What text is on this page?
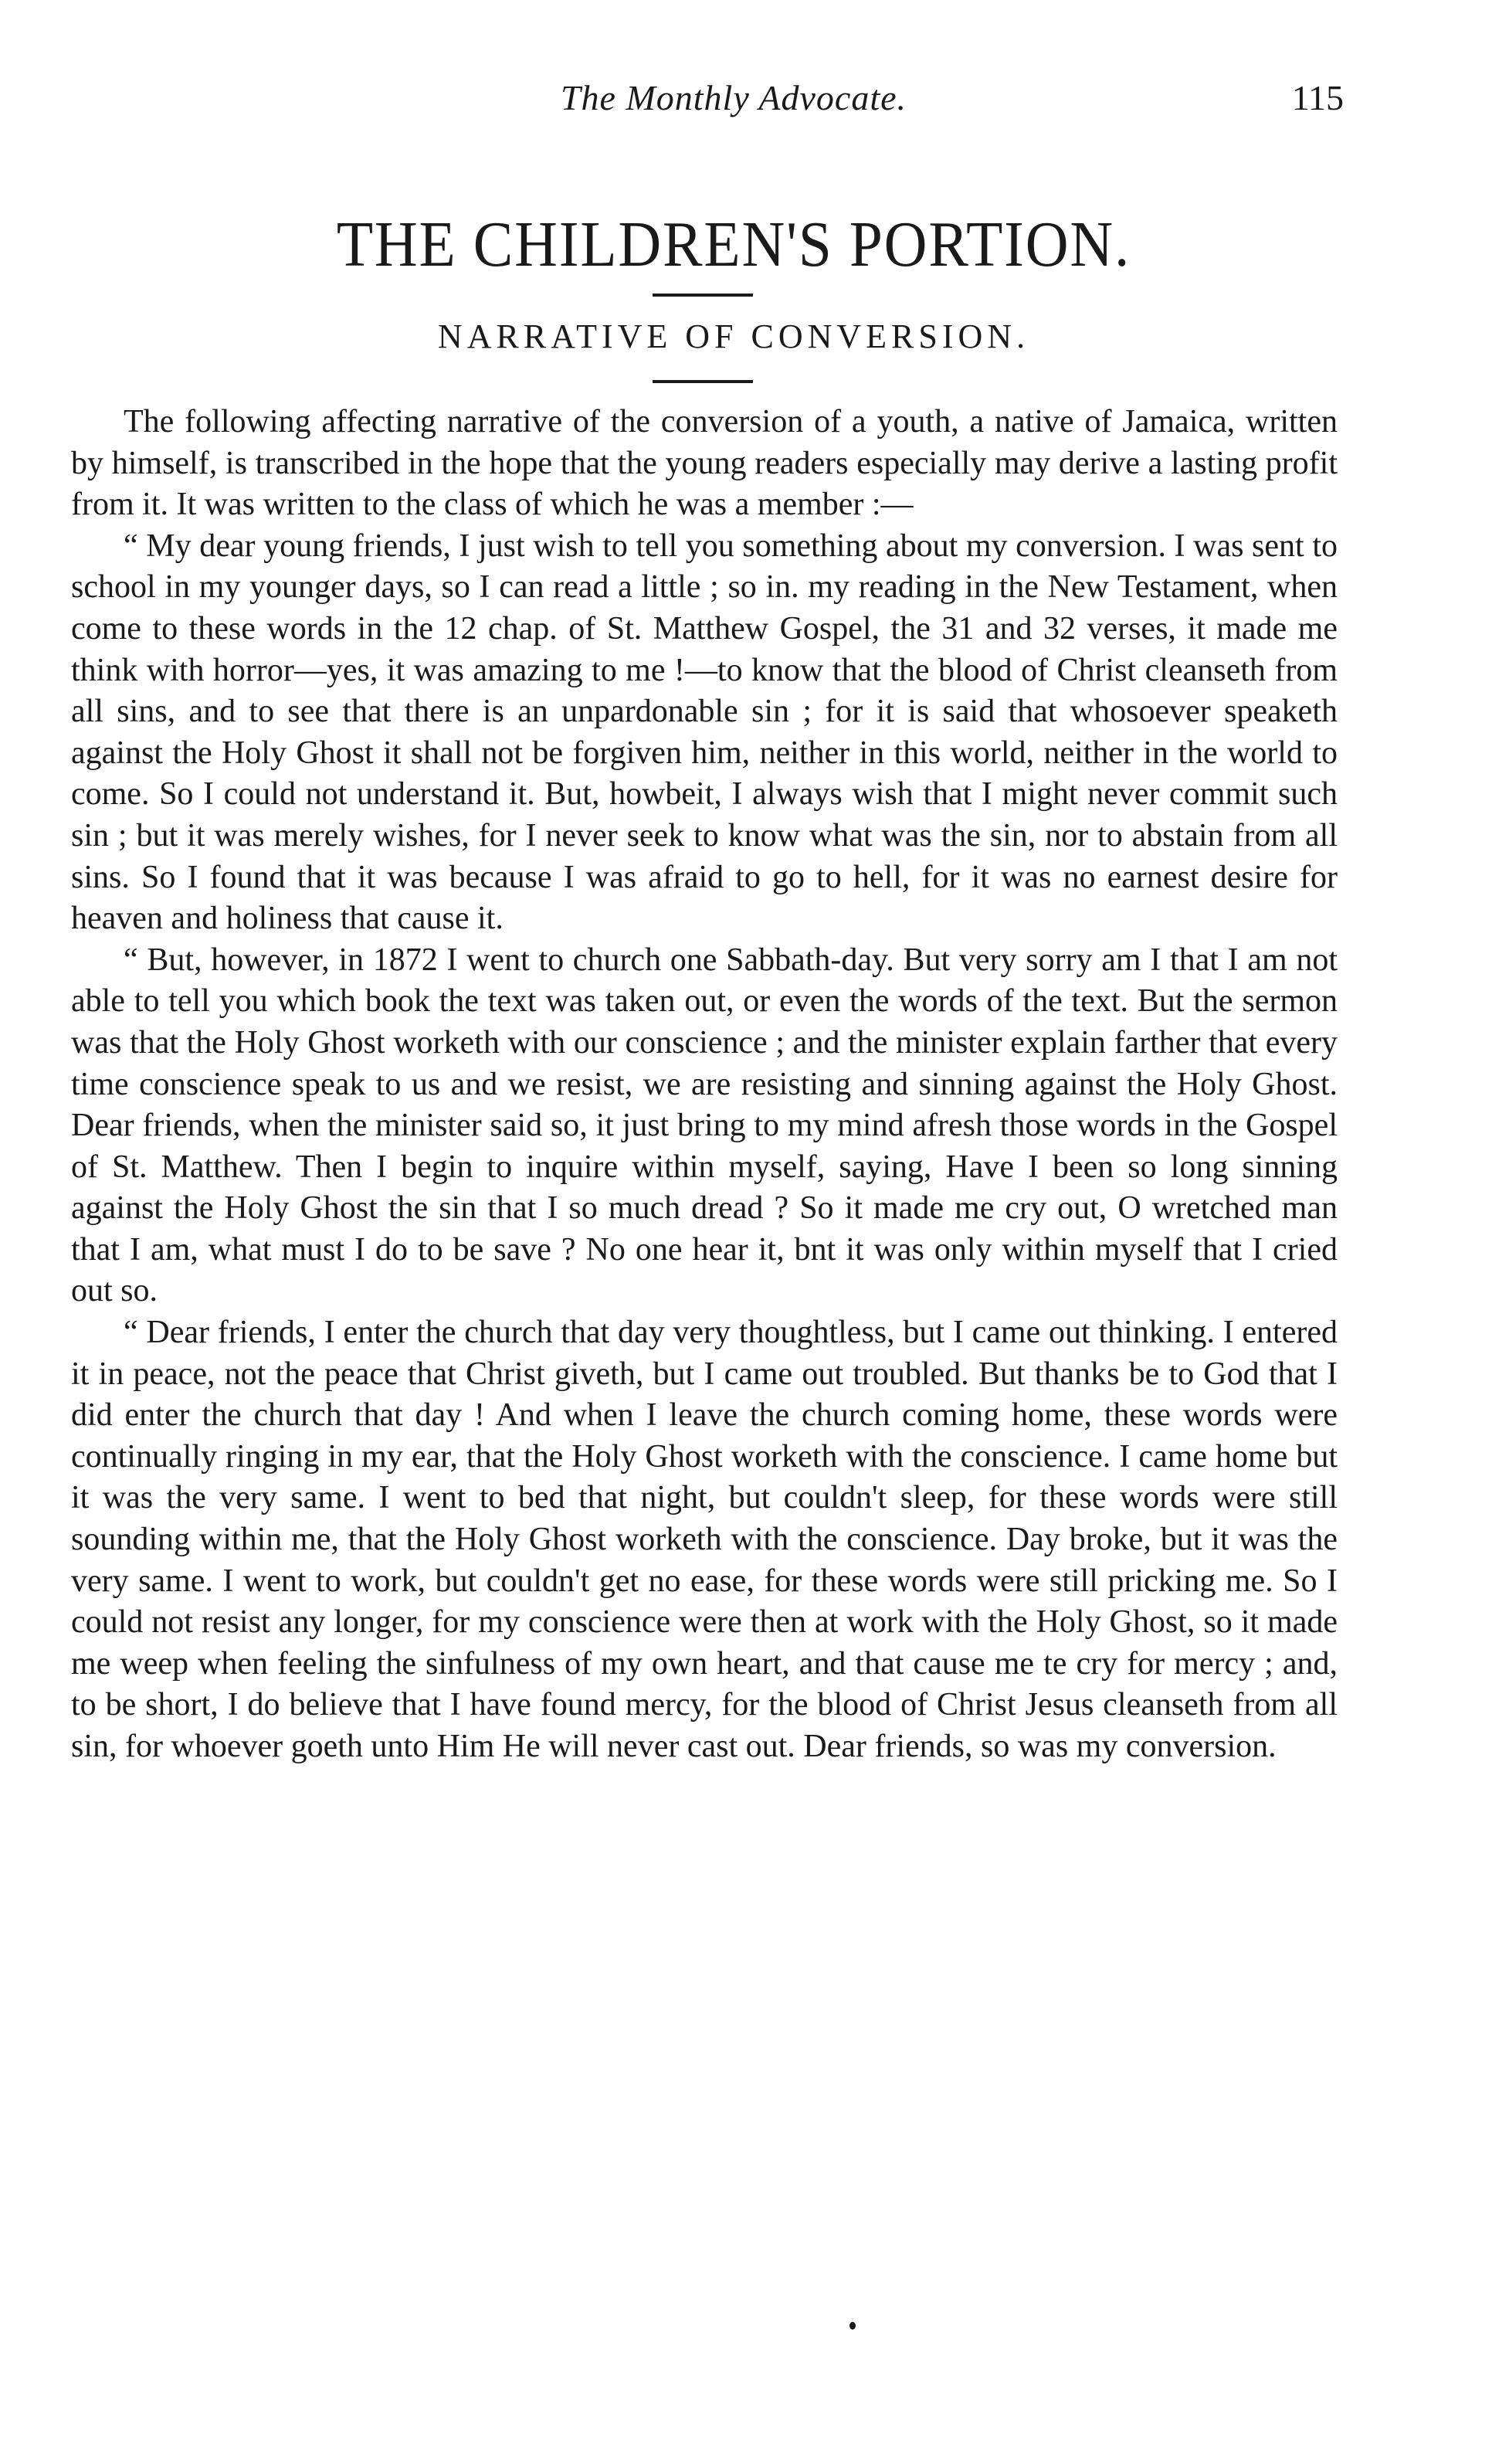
The Monthly Advocate.	115
THE CHILDREN'S PORTION.
NARRATIVE OF CONVERSION.

The following affecting narrative of the conversion of a youth, a native of Jamaica, written by himself, is transcribed in the hope that the young readers especially may derive a lasting profit from it. It was written to the class of which he was a member :—

“ My dear young friends, I just wish to tell you something about my conversion. I was sent to school in my younger days, so I can read a little ; so in. my reading in the New Testament, when come to these words in the 12 chap. of St. Matthew Gospel, the 31 and 32 verses, it made me think with horror—yes, it was amazing to me !—to know that the blood of Christ cleanseth from all sins, and to see that there is an unpardonable sin ; for it is said that whosoever speaketh against the Holy Ghost it shall not be forgiven him, neither in this world, neither in the world to come. So I could not understand it. But, howbeit, I always wish that I might never commit such sin ; but it was merely wishes, for I never seek to know what was the sin, nor to abstain from all sins. So I found that it was because I was afraid to go to hell, for it was no earnest desire for heaven and holiness that cause it.

“ But, however, in 1872 I went to church one Sabbath-day. But very sorry am I that I am not able to tell you which book the text was taken out, or even the words of the text. But the sermon was that the Holy Ghost worketh with our conscience ; and the minister explain farther that every time conscience speak to us and we resist, we are resisting and sinning against the Holy Ghost. Dear friends, when the minister said so, it just bring to my mind afresh those words in the Gospel of St. Matthew. Then I begin to inquire within myself, saying, Have I been so long sinning against the Holy Ghost the sin that I so much dread ? So it made me cry out, O wretched man that I am, what must I do to be save ? No one hear it, bnt it was only within myself that I cried out so.

“ Dear friends, I enter the church that day very thoughtless, but I came out thinking. I entered it in peace, not the peace that Christ giveth, but I came out troubled. But thanks be to God that I did enter the church that day ! And when I leave the church coming home, these words were continually ringing in my ear, that the Holy Ghost worketh with the conscience. I came home but it was the very same. I went to bed that night, but couldn't sleep, for these words were still sounding within me, that the Holy Ghost worketh with the conscience. Day broke, but it was the very same. I went to work, but couldn't get no ease, for these words were still pricking me. So I could not resist any longer, for my conscience were then at work with the Holy Ghost, so it made me weep when feeling the sinfulness of my own heart, and that cause me te cry for mercy ; and, to be short, I do believe that I have found mercy, for the blood of Christ Jesus cleanseth from all sin, for whoever goeth unto Him He will never cast out. Dear friends, so was my conversion.
